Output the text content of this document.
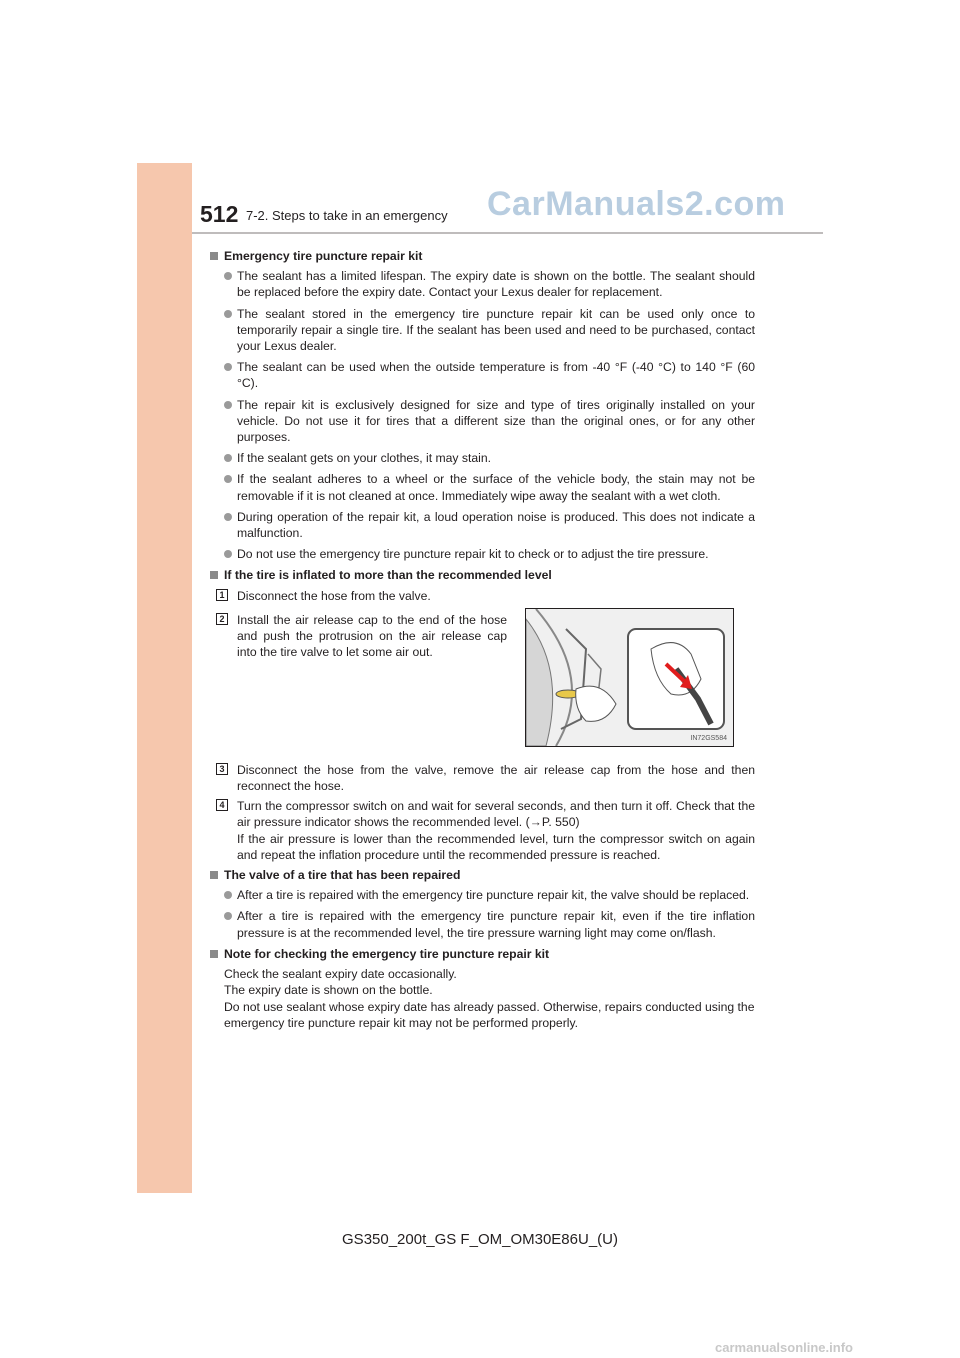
512 7-2. Steps to take in an emergency CarManuals2.com
Emergency tire puncture repair kit
The sealant has a limited lifespan. The expiry date is shown on the bottle. The sealant should be replaced before the expiry date. Contact your Lexus dealer for replacement.
The sealant stored in the emergency tire puncture repair kit can be used only once to temporarily repair a single tire. If the sealant has been used and need to be purchased, contact your Lexus dealer.
The sealant can be used when the outside temperature is from -40 °F (-40 °C) to 140 °F (60 °C).
The repair kit is exclusively designed for size and type of tires originally installed on your vehicle. Do not use it for tires that a different size than the original ones, or for any other purposes.
If the sealant gets on your clothes, it may stain.
If the sealant adheres to a wheel or the surface of the vehicle body, the stain may not be removable if it is not cleaned at once. Immediately wipe away the sealant with a wet cloth.
During operation of the repair kit, a loud operation noise is produced. This does not indicate a malfunction.
Do not use the emergency tire puncture repair kit to check or to adjust the tire pressure.
If the tire is inflated to more than the recommended level
1 Disconnect the hose from the valve.
2 Install the air release cap to the end of the hose and push the protrusion on the air release cap into the tire valve to let some air out.
IN72GS584
3 Disconnect the hose from the valve, remove the air release cap from the hose and then reconnect the hose.
4 Turn the compressor switch on and wait for several seconds, and then turn it off. Check that the air pressure indicator shows the recommended level. (→P. 550)
If the air pressure is lower than the recommended level, turn the compressor switch on again and repeat the inflation procedure until the recommended pressure is reached.
The valve of a tire that has been repaired
After a tire is repaired with the emergency tire puncture repair kit, the valve should be replaced.
After a tire is repaired with the emergency tire puncture repair kit, even if the tire inflation pressure is at the recommended level, the tire pressure warning light may come on/flash.
Note for checking the emergency tire puncture repair kit
Check the sealant expiry date occasionally.
The expiry date is shown on the bottle.
Do not use sealant whose expiry date has already passed. Otherwise, repairs conducted using the emergency tire puncture repair kit may not be performed properly.
GS350_200t_GS F_OM_OM30E86U_(U)
carmanualsonline.info
